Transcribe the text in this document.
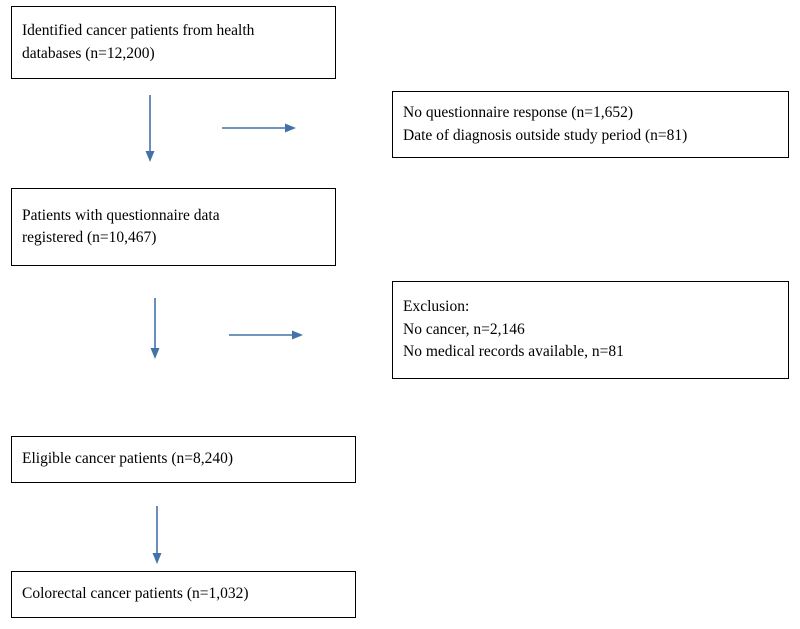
Identified cancer patients from health
databases (n=12,200)
No questionnaire response (n=1,652)
Date of diagnosis outside study period (n=81)
Patients with questionnaire data
registered (n=10,467)
Exclusion:
No cancer, n=2,146
No medical records available, n=81
Eligible cancer patients (n=8,240)
Colorectal cancer patients (n=1,032)
